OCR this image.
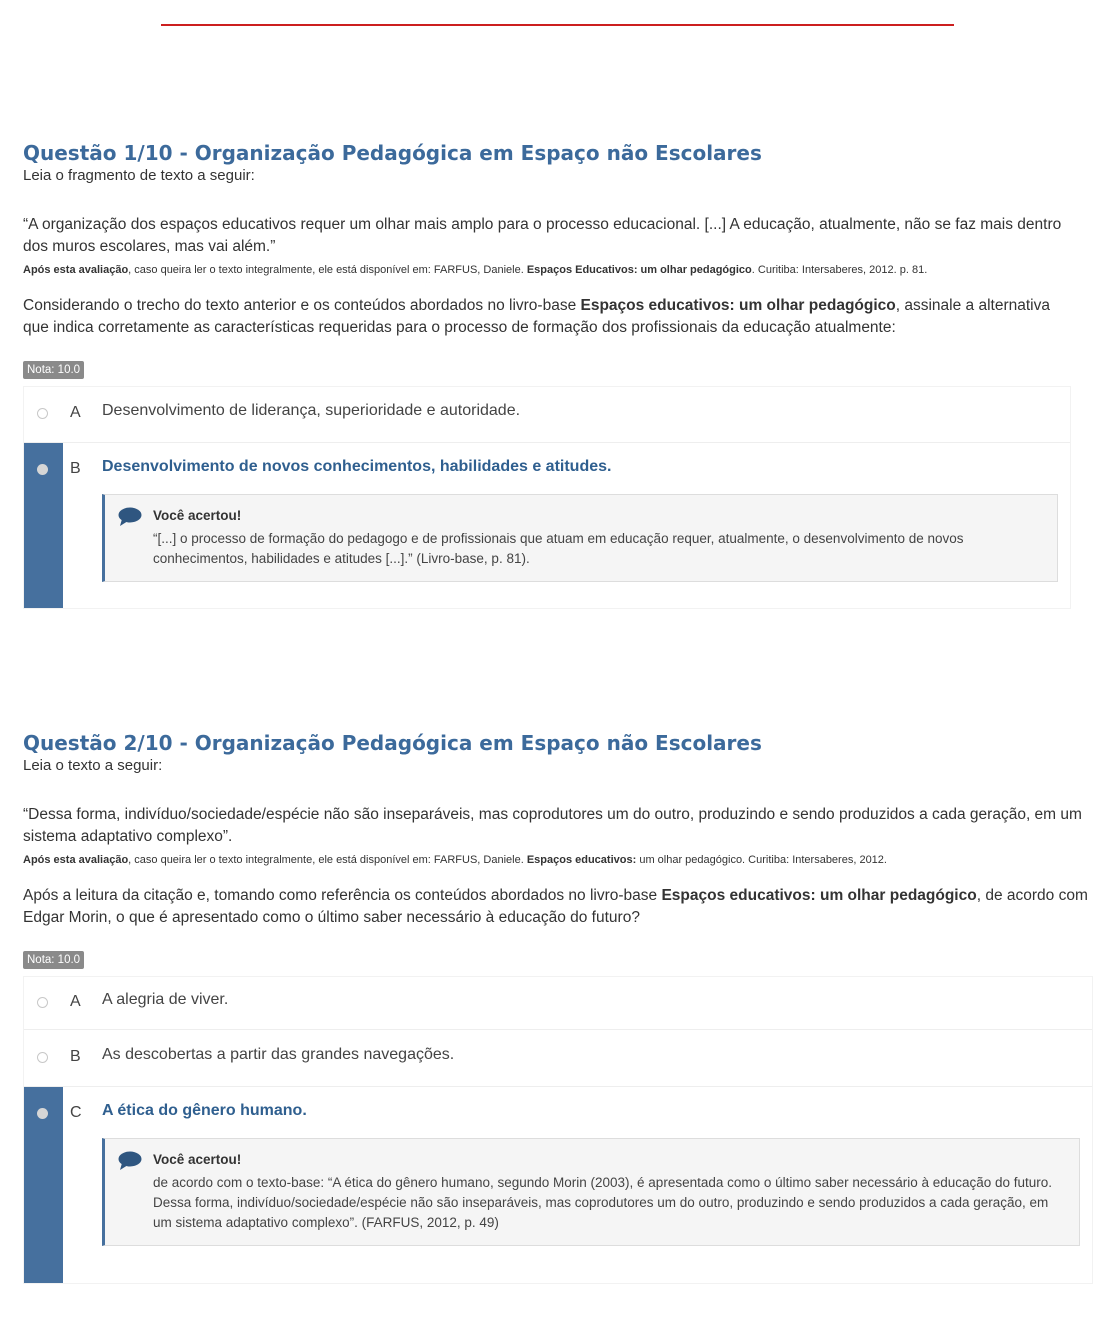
Questão 1/10 - Organização Pedagógica em Espaço não Escolares
Leia o fragmento de texto a seguir:
“A organização dos espaços educativos requer um olhar mais amplo para o processo educacional. [...] A educação, atualmente, não se faz mais dentro dos muros escolares, mas vai além.”
Após esta avaliação, caso queira ler o texto integralmente, ele está disponível em: FARFUS, Daniele. Espaços Educativos: um olhar pedagógico. Curitiba: Intersaberes, 2012. p. 81.
Considerando o trecho do texto anterior e os conteúdos abordados no livro-base Espaços educativos: um olhar pedagógico, assinale a alternativa que indica corretamente as características requeridas para o processo de formação dos profissionais da educação atualmente:
Nota: 10.0
A Desenvolvimento de liderança, superioridade e autoridade.
B Desenvolvimento de novos conhecimentos, habilidades e atitudes.
Você acertou!
“[...] o processo de formação do pedagogo e de profissionais que atuam em educação requer, atualmente, o desenvolvimento de novos conhecimentos, habilidades e atitudes [...].” (Livro-base, p. 81).
Questão 2/10 - Organização Pedagógica em Espaço não Escolares
Leia o texto a seguir:
“Dessa forma, indivíduo/sociedade/espécie não são inseparáveis, mas coprodutores um do outro, produzindo e sendo produzidos a cada geração, em um sistema adaptativo complexo”.
Após esta avaliação, caso queira ler o texto integralmente, ele está disponível em: FARFUS, Daniele. Espaços educativos: um olhar pedagógico. Curitiba: Intersaberes, 2012.
Após a leitura da citação e, tomando como referência os conteúdos abordados no livro-base Espaços educativos: um olhar pedagógico, de acordo com Edgar Morin, o que é apresentado como o último saber necessário à educação do futuro?
Nota: 10.0
A A alegria de viver.
B As descobertas a partir das grandes navegações.
C A ética do gênero humano.
Você acertou!
de acordo com o texto-base: “A ética do gênero humano, segundo Morin (2003), é apresentada como o último saber necessário à educação do futuro. Dessa forma, indivíduo/sociedade/espécie não são inseparáveis, mas coprodutores um do outro, produzindo e sendo produzidos a cada geração, em um sistema adaptativo complexo”. (FARFUS, 2012, p. 49)
